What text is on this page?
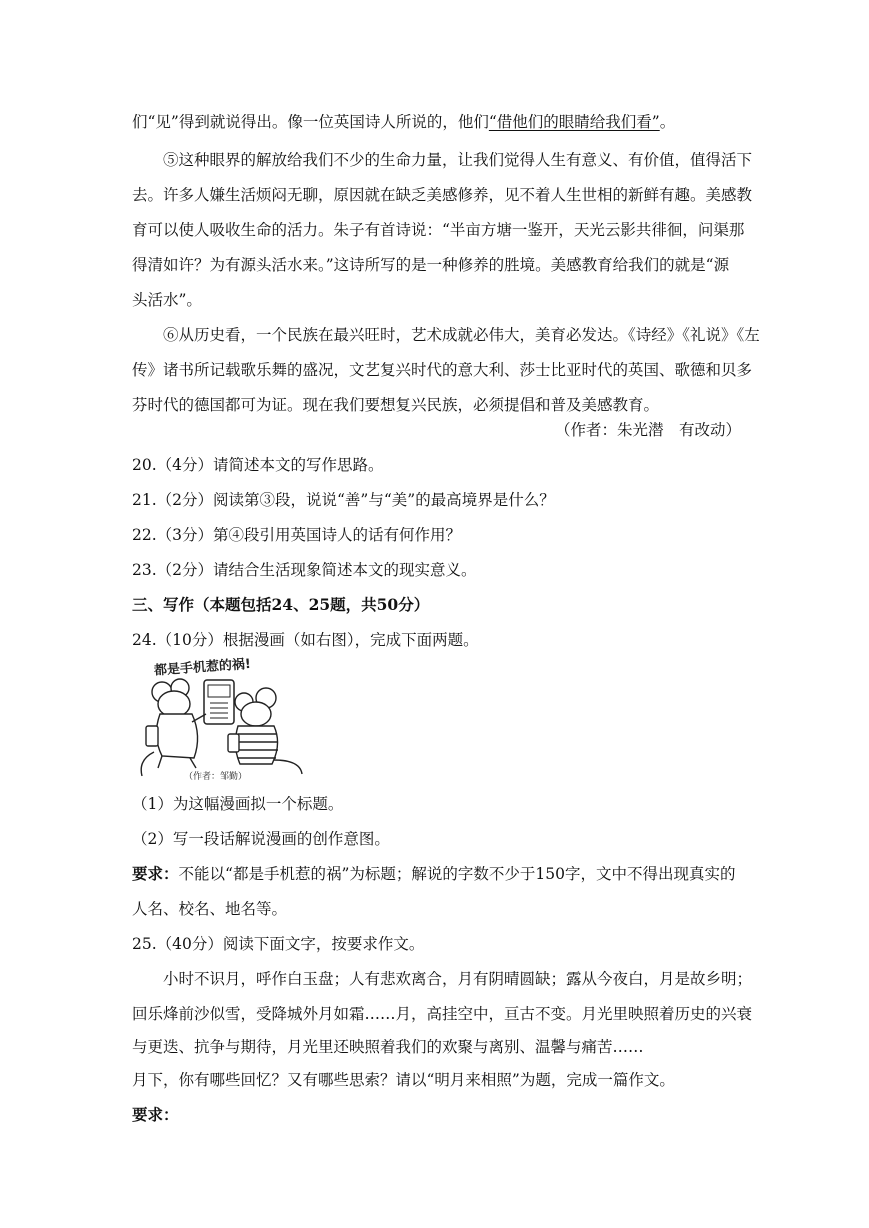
们“见”得到就说得出。像一位英国诗人所说的，他们“借他们的眼睛给我们看”。
⑤这种眼界的解放给我们不少的生命力量，让我们觉得人生有意义、有价值，值得活下
去。许多人嫌生活烦闷无聊，原因就在缺乏美感修养，见不着人生世相的新鲜有趣。美感教
育可以使人吸收生命的活力。朱子有首诗说：“半亩方塘一鉴开，天光云影共徘徊，问渠那
得清如许？为有源头活水来。”这诗所写的是一种修养的胜境。美感教育给我们的就是“源
头活水”。
⑥从历史看，一个民族在最兴旺时，艺术成就必伟大，美育必发达。《诗经》《礼说》《左
传》诸书所记载歌乐舞的盛况，文艺复兴时代的意大利、莎士比亚时代的英国、歌德和贝多
芬时代的德国都可为证。现在我们要想复兴民族，必须提倡和普及美感教育。
（作者：朱光潜　有改动）
20.（4分）请简述本文的写作思路。
21.（2分）阅读第③段，说说“善”与“美”的最高境界是什么？
22.（3分）第④段引用英国诗人的话有何作用？
23.（2分）请结合生活现象简述本文的现实意义。
三、写作（本题包括24、25题，共50分）
24.（10分）根据漫画（如右图），完成下面两题。
都是手机惹的祸!
（作者：邹勤）
（1）为这幅漫画拟一个标题。
（2）写一段话解说漫画的创作意图。
要求：不能以“都是手机惹的祸”为标题；解说的字数不少于150字，文中不得出现真实的
人名、校名、地名等。
25.（40分）阅读下面文字，按要求作文。
小时不识月，呼作白玉盘；人有悲欢离合，月有阴晴圆缺；露从今夜白，月是故乡明；
回乐烽前沙似雪，受降城外月如霜……月，高挂空中，亘古不变。月光里映照着历史的兴衰
与更迭、抗争与期待，月光里还映照着我们的欢聚与离别、温馨与痛苦……
月下，你有哪些回忆？又有哪些思索？请以“明月来相照”为题，完成一篇作文。
要求：
